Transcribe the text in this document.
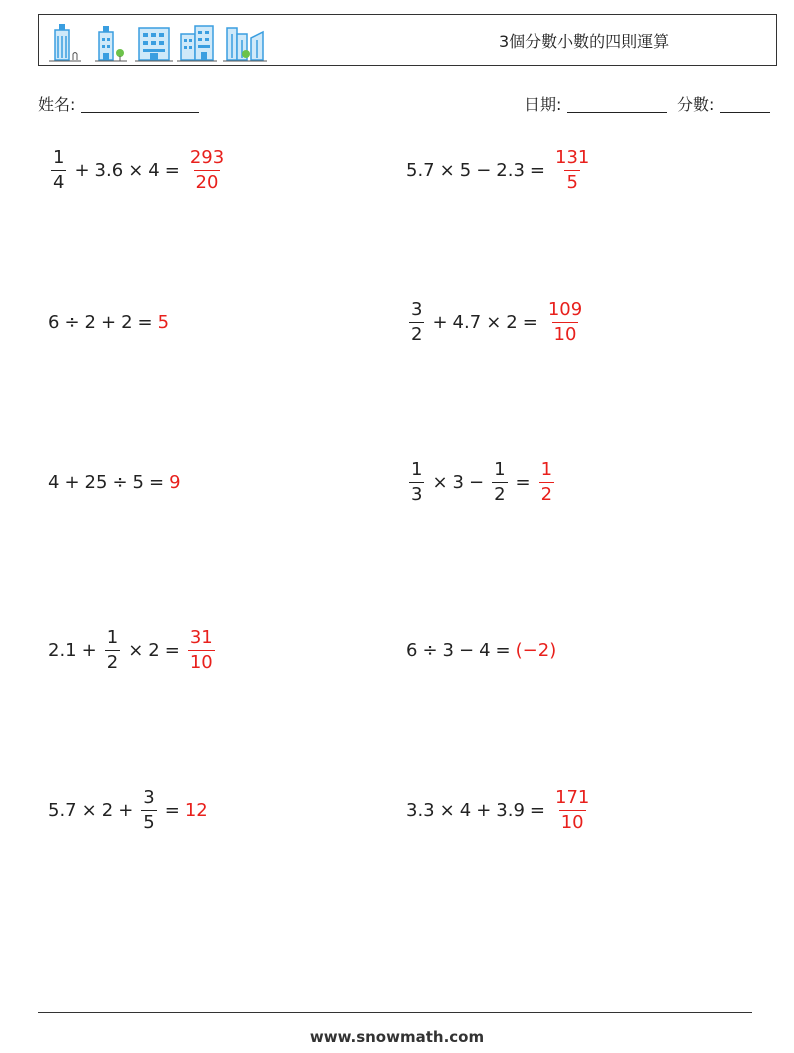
3個分數小數的四則運算
姓名:	日期:	分數:
$\frac{1}{4} + 3.6 \times 4 = \frac{293}{20}$	$5.7 \times 5 - 2.3 = \frac{131}{5}$
6 ÷ 2 + 2 = 5	$\frac{3}{2} + 4.7 \times 2 = \frac{109}{10}$
4 + 25 ÷ 5 = 9	$\frac{1}{3} \times 3 - \frac{1}{2} = \frac{1}{2}$
$2.1 + \frac{1}{2} \times 2 = \frac{31}{10}$	6 ÷ 3 − 4 = (−2)
$5.7 \times 2 + \frac{3}{5} = 12$	$3.3 \times 4 + 3.9 = \frac{171}{10}$
www.snowmath.com
